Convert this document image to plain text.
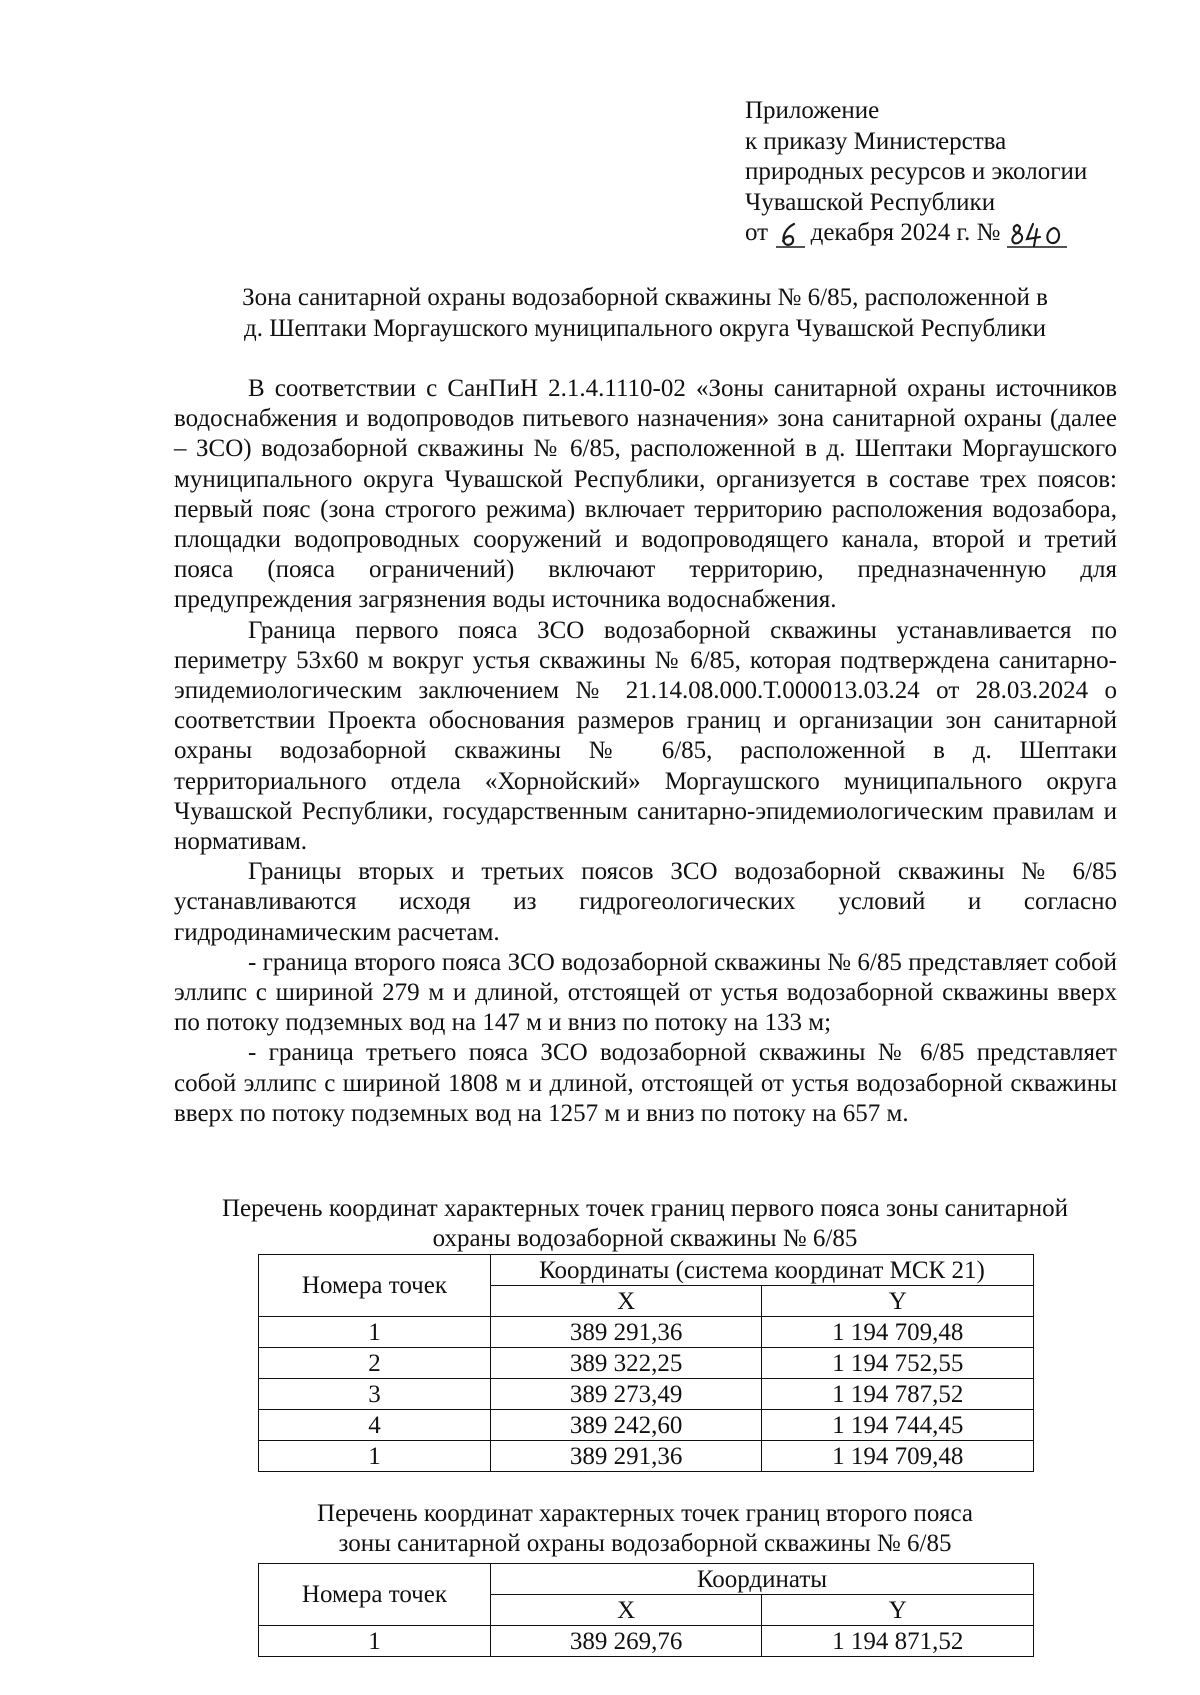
Приложение
к приказу Министерства
природных ресурсов и экологии
Чувашской Республики
от декабря 2024 г. №
Зона санитарной охраны водозаборной скважины № 6/85, расположенной в
д. Шептаки Моргаушского муниципального округа Чувашской Республики

В соответствии с СанПиН 2.1.4.1110-02 «Зоны санитарной охраны источников водоснабжения и водопроводов питьевого назначения» зона санитарной охраны (далее – ЗСО) водозаборной скважины № 6/85, расположенной в д. Шептаки Моргаушского муниципального округа Чувашской Республики, организуется в составе трех поясов: первый пояс (зона строгого режима) включает территорию расположения водозабора, площадки водопроводных сооружений и водопроводящего канала, второй и третий пояса (пояса ограничений) включают территорию, предназначенную для предупреждения загрязнения воды источника водоснабжения.

Граница первого пояса ЗСО водозаборной скважины устанавливается по периметру 53х60 м вокруг устья скважины № 6/85, которая подтверждена санитарно-эпидемиологическим заключением № 21.14.08.000.Т.000013.03.24 от 28.03.2024 о соответствии Проекта обоснования размеров границ и организации зон санитарной охраны водозаборной скважины № 6/85, расположенной в д. Шептаки территориального отдела «Хорнойский» Моргаушского муниципального округа Чувашской Республики, государственным санитарно-эпидемиологическим правилам и нормативам.

Границы вторых и третьих поясов ЗСО водозаборной скважины № 6/85 устанавливаются исходя из гидрогеологических условий и согласно гидродинамическим расчетам.

- граница второго пояса ЗСО водозаборной скважины № 6/85 представляет собой эллипс с шириной 279 м и длиной, отстоящей от устья водозаборной скважины вверх по потоку подземных вод на 147 м и вниз по потоку на 133 м;

- граница третьего пояса ЗСО водозаборной скважины № 6/85 представляет собой эллипс с шириной 1808 м и длиной, отстоящей от устья водозаборной скважины вверх по потоку подземных вод на 1257 м и вниз по потоку на 657 м.

Перечень координат характерных точек границ первого пояса зоны санитарной
охраны водозаборной скважины № 6/85
Номера точек	Координаты (система координат МСК 21)	
	X	Y
1	389 291,36	1 194 709,48
2	389 322,25	1 194 752,55
3	389 273,49	1 194 787,52
4	389 242,60	1 194 744,45
1	389 291,36	1 194 709,48
Перечень координат характерных точек границ второго пояса
зоны санитарной охраны водозаборной скважины № 6/85
Номера точек	Координаты	
	X	Y
1	389 269,76	1 194 871,52
